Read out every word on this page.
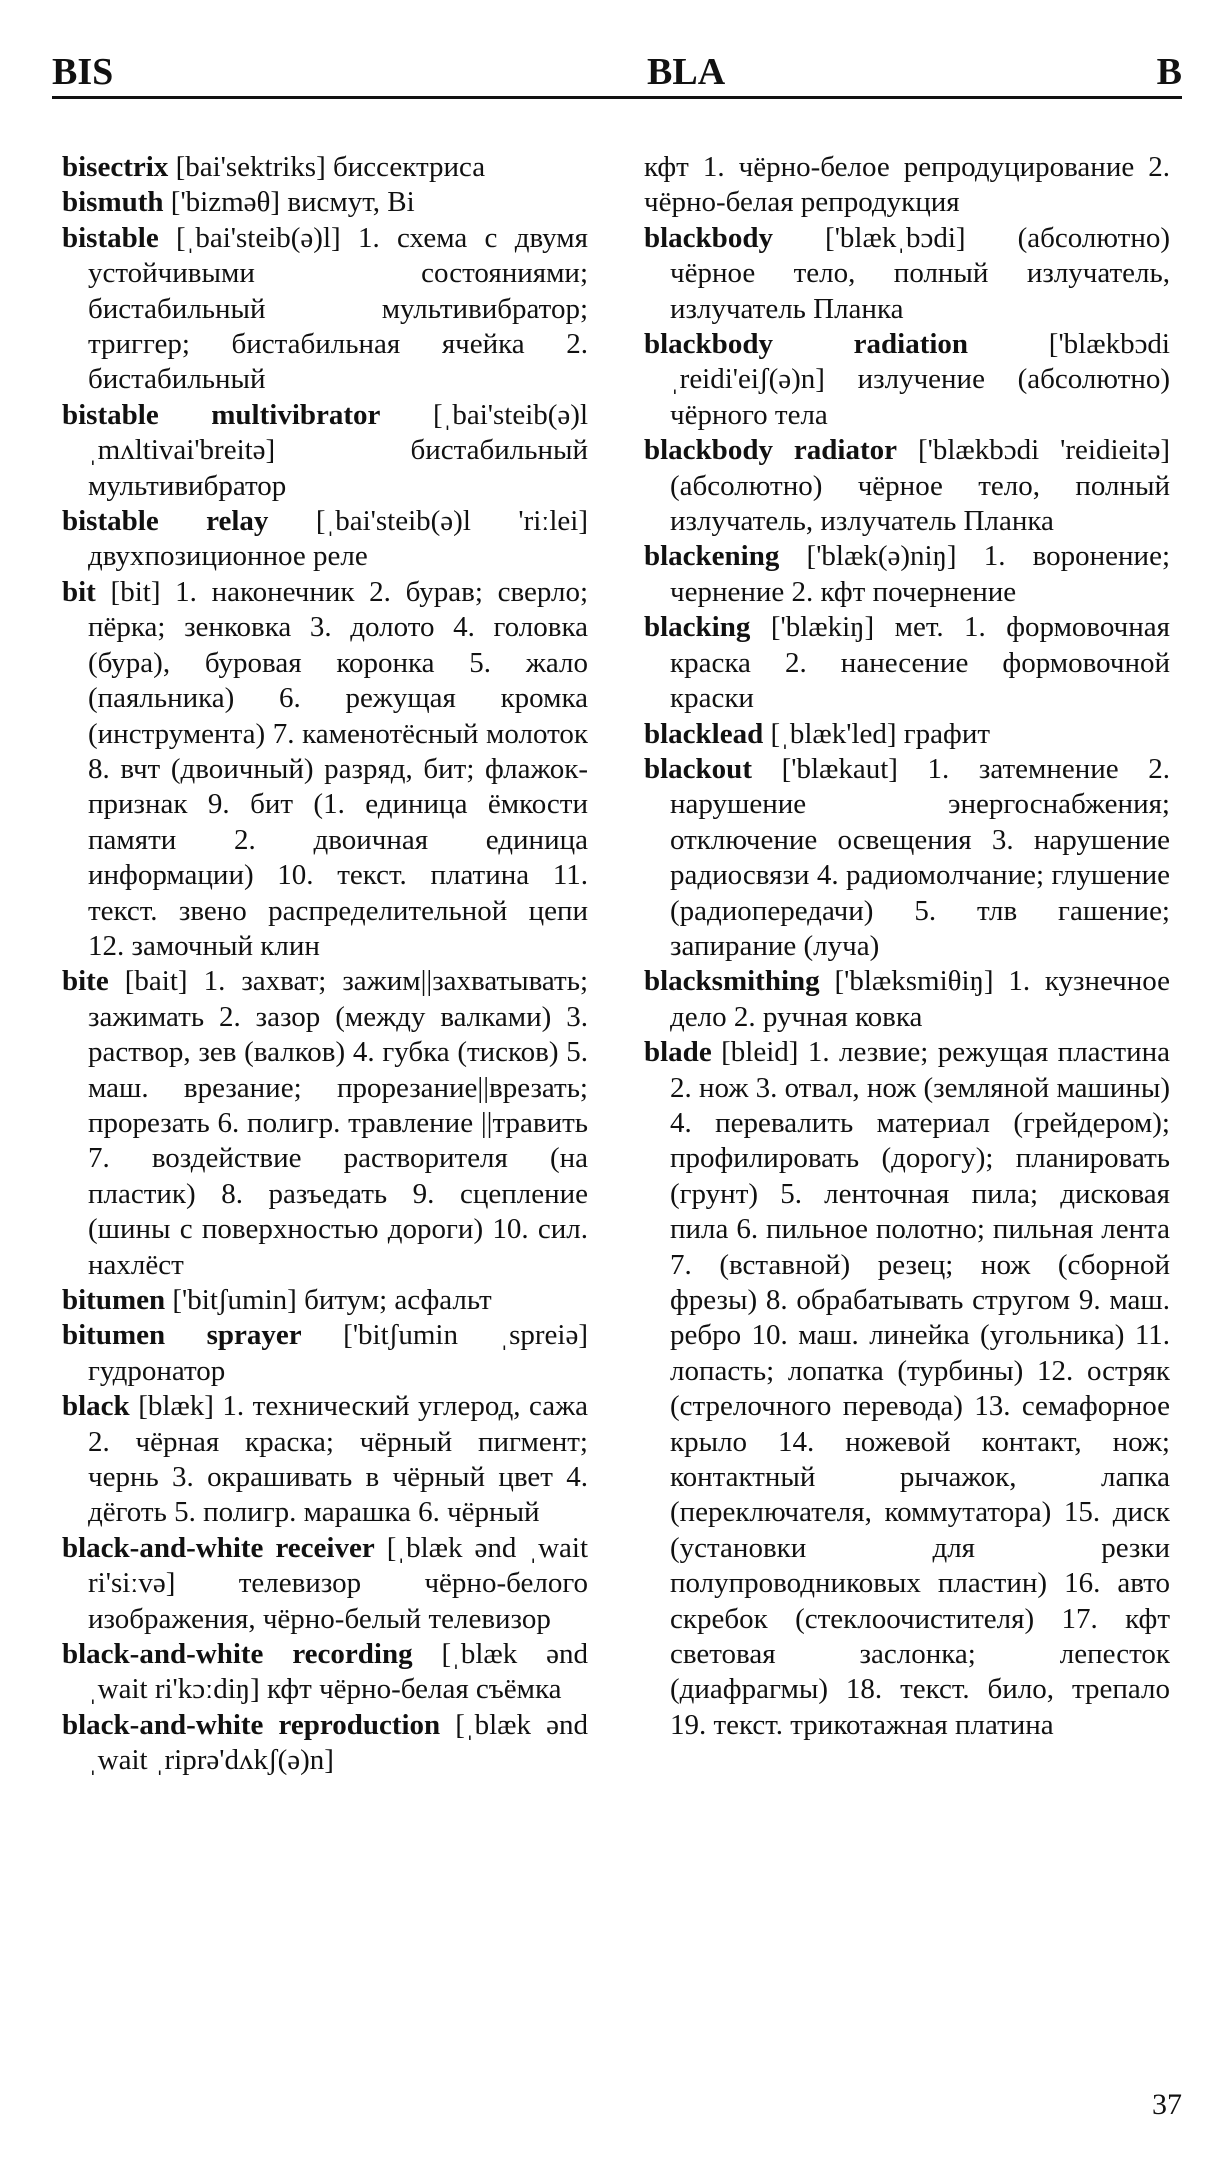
BIS	BLA	B

bisectrix [bai'sektriks] биссектриса

bismuth ['bizməθ] висмут, Bi

bistable [ˌbai'steib(ə)l] 1. схема с двумя устойчивыми состояниями; бистабильный мультивибратор; триггер; бистабильная ячейка 2. бистабильный

bistable multivibrator [ˌbai'steib(ə)l ˌmʌltivai'breitə] бистабильный мультивибратор

bistable relay [ˌbai'steib(ə)l 'riːlei] двухпозиционное реле

bit [bit] 1. наконечник 2. бурав; сверло; пёрка; зенковка 3. долото 4. головка (бура), буровая коронка 5. жало (паяльника) 6. режущая кромка (инструмента) 7. каменотёсный молоток 8. вчт (двоичный) разряд, бит; флажок-признак 9. бит (1. единица ёмкости памяти 2. двоичная единица информации) 10. текст. платина 11. текст. звено распределительной цепи 12. замочный клин

bite [bait] 1. захват; зажим||захватывать; зажимать 2. зазор (между валками) 3. раствор, зев (валков) 4. губка (тисков) 5. маш. врезание; прорезание||врезать; прорезать 6. полигр. травление ||травить 7. воздействие растворителя (на пластик) 8. разъедать 9. сцепление (шины с поверхностью дороги) 10. сил. нахлёст

bitumen ['bitʃumin] битум; асфальт

bitumen sprayer ['bitʃumin ˌspreiə] гудронатор

black [blæk] 1. технический углерод, сажа 2. чёрная краска; чёрный пигмент; чернь 3. окрашивать в чёрный цвет 4. дёготь 5. полигр. марашка 6. чёрный

black-and-white receiver [ˌblæk ənd ˌwait ri'siːvə] телевизор чёрно-белого изображения, чёрно-белый телевизор

black-and-white recording [ˌblæk ənd ˌwait ri'kɔːdiŋ] кфт чёрно-белая съёмка

black-and-white reproduction [ˌblæk ənd ˌwait ˌriprə'dʌkʃ(ə)n]

кфт 1. чёрно-белое репродуцирование 2. чёрно-белая репродукция

blackbody ['blækˌbɔdi] (абсолютно) чёрное тело, полный излучатель, излучатель Планка

blackbody radiation	['blækbɔdi ˌreidi'eiʃ(ə)n] излучение (абсолютно) чёрного тела

blackbody radiator ['blækbɔdi 'reidieitə] (абсолютно) чёрное тело, полный излучатель, излучатель Планка

blackening ['blæk(ə)niŋ] 1. воронение; чернение 2. кфт почернение

blacking ['blækiŋ] мет. 1. формовочная краска 2. нанесение формовочной краски

blacklead [ˌblæk'led] графит

blackout ['blækaut] 1. затемнение 2. нарушение энергоснабжения; отключение освещения 3. нарушение радиосвязи 4. радиомолчание; глушение (радиопередачи) 5. тлв гашение; запирание (луча)

blacksmithing ['blæksmiθiŋ] 1. кузнечное дело 2. ручная ковка

blade [bleid] 1. лезвие; режущая пластина 2. нож 3. отвал, нож (земляной машины) 4. перевалить материал (грейдером); профилировать (дорогу); планировать (грунт) 5. ленточная пила; дисковая пила 6. пильное полотно; пильная лента 7. (вставной) резец; нож (сборной фрезы) 8. обрабатывать стругом 9. маш. ребро 10. маш. линейка (угольника) 11. лопасть; лопатка (турбины) 12. остряк (стрелочного перевода) 13. семафорное крыло 14. ножевой контакт, нож; контактный рычажок, лапка (переключателя, коммутатора) 15. диск (установки для резки полупроводниковых пластин) 16. авто скребок (стеклоочистителя) 17. кфт световая заслонка; лепесток (диафрагмы) 18. текст. било, трепало 19. текст. трикотажная платина

37
